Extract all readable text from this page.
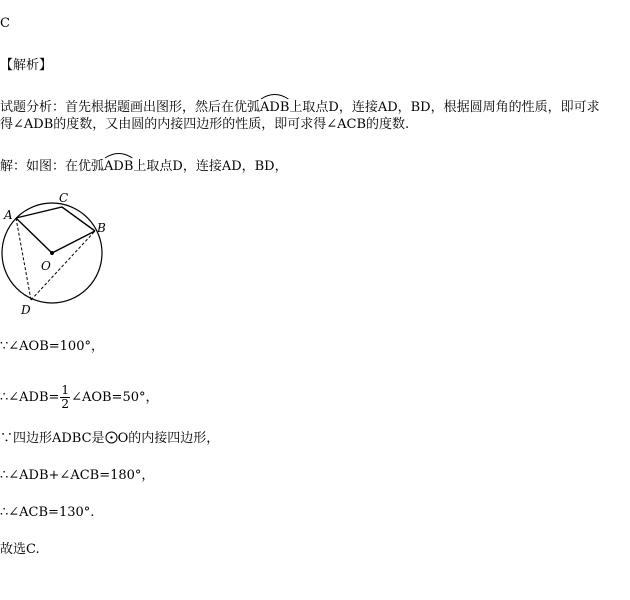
C
【解析】
试题分析：首先根据题画出图形，然后在优弧
ADB上取点D，连接AD，BD，根据圆周角的性质，即可求
得∠ADB的度数，又由圆的内接四边形的性质，即可求得∠ACB的度数.
解：如图：在优弧
ADB上取点D，连接AD，BD，
A
C
B
O
D
∵∠AOB=100°，
∴∠ADB= $\frac{1}{2}$ ∠AOB=50°，
∵四边形ADBC是 O的内接四边形，
∴∠ADB+∠ACB=180°，
∴∠ACB=130°.
故选C.
